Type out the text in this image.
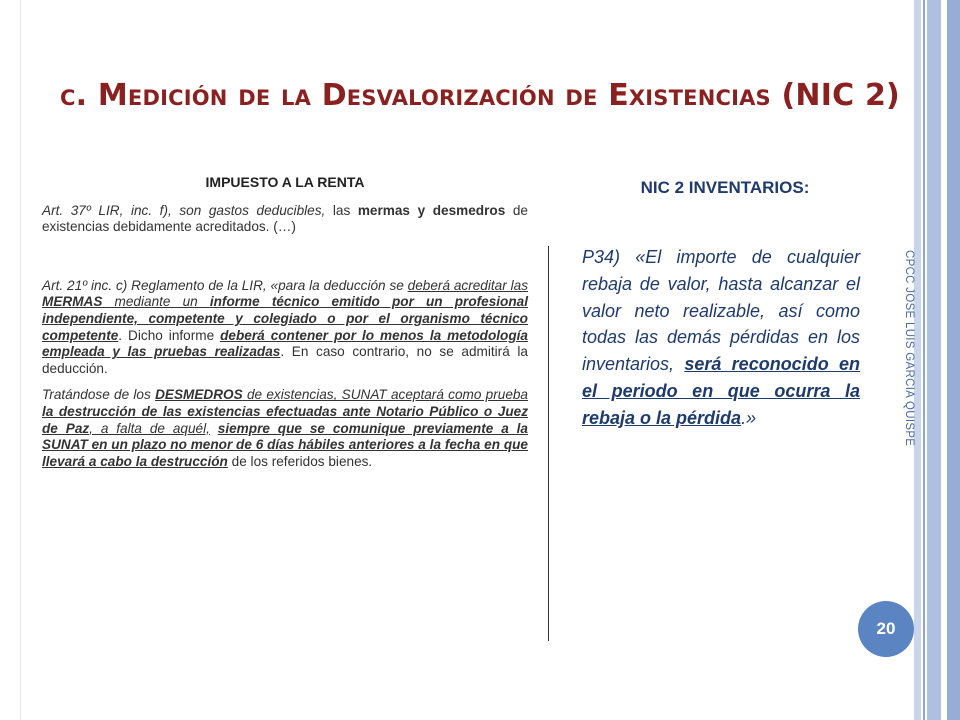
c. Medición de la Desvalorización de Existencias (NIC 2)
IMPUESTO A LA RENTA

Art. 37º LIR, inc. f), son gastos deducibles, las mermas y desmedros de existencias debidamente acreditados. (…)

Art. 21º inc. c) Reglamento de la LIR, «para la deducción se deberá acreditar las MERMAS mediante un informe técnico emitido por un profesional independiente, competente y colegiado o por el organismo técnico competente. Dicho informe deberá contener por lo menos la metodología empleada y las pruebas realizadas. En caso contrario, no se admitirá la deducción.

Tratándose de los DESMEDROS de existencias, SUNAT aceptará como prueba la destrucción de las existencias efectuadas ante Notario Público o Juez de Paz, a falta de aquél, siempre que se comunique previamente a la SUNAT en un plazo no menor de 6 días hábiles anteriores a la fecha en que llevará a cabo la destrucción de los referidos bienes.

NIC 2 INVENTARIOS:

P34) «El importe de cualquier rebaja de valor, hasta alcanzar el valor neto realizable, así como todas las demás pérdidas en los inventarios, será reconocido en el periodo en que ocurra la rebaja o la pérdida.»	CPCC JOSE LUIS GARCIA QUISPE
20
